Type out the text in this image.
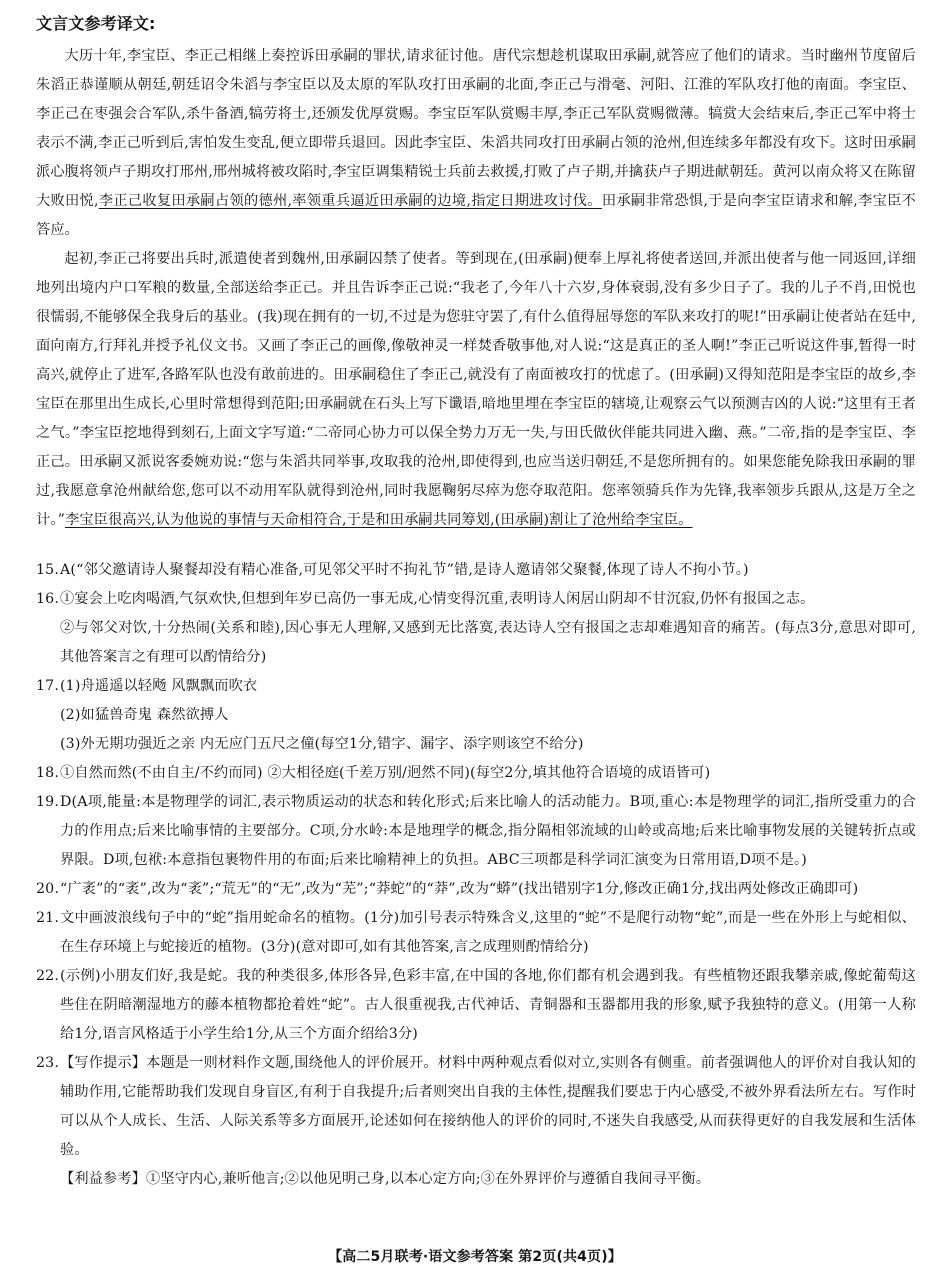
文言文参考译文:

大历十年,李宝臣、李正己相继上奏控诉田承嗣的罪状,请求征讨他。唐代宗想趁机谋取田承嗣,就答应了他们的请求。当时幽州节度留后朱滔正恭谨顺从朝廷,朝廷诏令朱滔与李宝臣以及太原的军队攻打田承嗣的北面,李正己与滑毫、河阳、江淮的军队攻打他的南面。李宝臣、李正己在枣强会合军队,杀牛备酒,犒劳将士,还颁发优厚赏赐。李宝臣军队赏赐丰厚,李正己军队赏赐微薄。犒赏大会结束后,李正己军中将士表示不满,李正己听到后,害怕发生变乱,便立即带兵退回。因此李宝臣、朱滔共同攻打田承嗣占领的沧州,但连续多年都没有攻下。这时田承嗣派心腹将领卢子期攻打邢州,邢州城将被攻陷时,李宝臣调集精锐士兵前去救援,打败了卢子期,并擒获卢子期进献朝廷。黄河以南众将又在陈留大败田悦,李正己收复田承嗣占领的德州,率领重兵逼近田承嗣的边境,指定日期进攻讨伐。田承嗣非常恐惧,于是向李宝臣请求和解,李宝臣不答应。

起初,李正己将要出兵时,派遣使者到魏州,田承嗣囚禁了使者。等到现在,(田承嗣)便奉上厚礼将使者送回,并派出使者与他一同返回,详细地列出境内户口军粮的数量,全部送给李正己。并且告诉李正己说:“我老了,今年八十六岁,身体衰弱,没有多少日子了。我的儿子不肖,田悦也很懦弱,不能够保全我身后的基业。(我)现在拥有的一切,不过是为您驻守罢了,有什么值得屈辱您的军队来攻打的呢!”田承嗣让使者站在廷中,面向南方,行拜礼并授予礼仪文书。又画了李正己的画像,像敬神灵一样焚香敬事他,对人说:“这是真正的圣人啊!”李正己听说这件事,暂得一时高兴,就停止了进军,各路军队也没有敢前进的。田承嗣稳住了李正己,就没有了南面被攻打的忧虑了。(田承嗣)又得知范阳是李宝臣的故乡,李宝臣在那里出生成长,心里时常想得到范阳;田承嗣就在石头上写下谶语,暗地里埋在李宝臣的辖境,让观察云气以预测吉凶的人说:“这里有王者之气。”李宝臣挖地得到刻石,上面文字写道:“二帝同心协力可以保全势力万无一失,与田氏做伙伴能共同进入幽、燕。”二帝,指的是李宝臣、李正己。田承嗣又派说客委婉劝说:“您与朱滔共同举事,攻取我的沧州,即使得到,也应当送归朝廷,不是您所拥有的。如果您能免除我田承嗣的罪过,我愿意拿沧州献给您,您可以不动用军队就得到沧州,同时我愿鞠躬尽瘁为您夺取范阳。您率领骑兵作为先锋,我率领步兵跟从,这是万全之计。”李宝臣很高兴,认为他说的事情与天命相符合,于是和田承嗣共同筹划,(田承嗣)割让了沧州给李宝臣。

15. A(“邻父邀请诗人聚餐却没有精心准备,可见邻父平时不拘礼节”错,是诗人邀请邻父聚餐,体现了诗人不拘小节。)
16. ①宴会上吃肉喝酒,气氛欢快,但想到年岁已高仍一事无成,心情变得沉重,表明诗人闲居山阴却不甘沉寂,仍怀有报国之志。
②与邻父对饮,十分热闹(关系和睦),因心事无人理解,又感到无比落寞,表达诗人空有报国之志却难遇知音的痛苦。(每点3分,意思对即可,其他答案言之有理可以酌情给分)
17. (1)舟遥遥以轻飏 风飘飘而吹衣
(2)如猛兽奇鬼 森然欲搏人
(3)外无期功强近之亲 内无应门五尺之僮(每空1分,错字、漏字、添字则该空不给分)
18. ①自然而然(不由自主/不约而同) ②大相径庭(千差万别/迥然不同)(每空2分,填其他符合语境的成语皆可)
19. D(A项,能量:本是物理学的词汇,表示物质运动的状态和转化形式;后来比喻人的活动能力。B项,重心:本是物理学的词汇,指所受重力的合力的作用点;后来比喻事情的主要部分。C项,分水岭:本是地理学的概念,指分隔相邻流域的山岭或高地;后来比喻事物发展的关键转折点或界限。D项,包袱:本意指包裹物件用的布面;后来比喻精神上的负担。ABC三项都是科学词汇演变为日常用语,D项不是。)
20. “广袤”的“袤”,改为“袤”;“荒无”的“无”,改为“芜”;“莽蛇”的“莽”,改为“蟒”(找出错别字1分,修改正确1分,找出两处修改正确即可)
21. 文中画波浪线句子中的“蛇”指用蛇命名的植物。(1分)加引号表示特殊含义,这里的“蛇”不是爬行动物“蛇”,而是一些在外形上与蛇相似、在生存环境上与蛇接近的植物。(3分)(意对即可,如有其他答案,言之成理则酌情给分)
22. (示例)小朋友们好,我是蛇。我的种类很多,体形各异,色彩丰富,在中国的各地,你们都有机会遇到我。有些植物还跟我攀亲戚,像蛇葡萄这些住在阴暗潮湿地方的藤本植物都抢着姓“蛇”。古人很重视我,古代神话、青铜器和玉器都用我的形象,赋予我独特的意义。(用第一人称给1分,语言风格适于小学生给1分,从三个方面介绍给3分)
23. 【写作提示】本题是一则材料作文题,围绕他人的评价展开。材料中两种观点看似对立,实则各有侧重。前者强调他人的评价对自我认知的辅助作用,它能帮助我们发现自身盲区,有利于自我提升;后者则突出自我的主体性,提醒我们要忠于内心感受,不被外界看法所左右。写作时可以从个人成长、生活、人际关系等多方面展开,论述如何在接纳他人的评价的同时,不迷失自我感受,从而获得更好的自我发展和生活体验。
【利益参考】①坚守内心,兼听他言;②以他见明己身,以本心定方向;③在外界评价与遵循自我间寻平衡。
【高二5月联考·语文参考答案 第2页(共4页)】
